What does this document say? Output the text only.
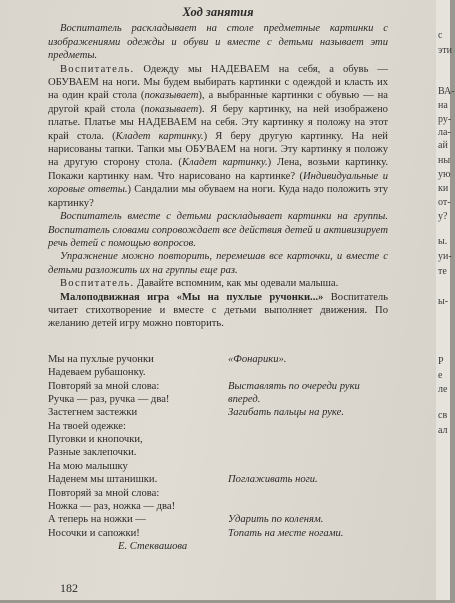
Ход занятия

Воспитатель раскладывает на столе предметные картинки с изображениями одежды и обуви и вместе с детьми называет эти предметы.

Воспитатель. Одежду мы НАДЕВАЕМ на себя, а обувь — ОБУВАЕМ на ноги. Мы будем выбирать картинки с одеждой и класть их на один край стола (показывает), а выбранные картинки с обувью — на другой край стола (показывает). Я беру картинку, на ней изображено платье. Платье мы НАДЕВАЕМ на себя. Эту картинку я положу на этот край стола. (Кладет картинку.) Я беру другую картинку. На ней нарисованы тапки. Тапки мы ОБУВАЕМ на ноги. Эту картинку я положу на другую сторону стола. (Кладет картинку.) Лена, возьми картинку. Покажи картинку нам. Что нарисовано на картинке? (Индивидуальные и хоровые ответы.) Сандалии мы обуваем на ноги. Куда надо положить эту картинку?

Воспитатель вместе с детьми раскладывает картинки на группы. Воспитатель словами сопровождает все действия детей и активизирует речь детей с помощью вопросов.

Упражнение можно повторить, перемешав все карточки, и вместе с детьми разложить их на группы еще раз.

Воспитатель. Давайте вспомним, как мы одевали малыша.

Малоподвижная игра «Мы на пухлые ручонки...» Воспитатель читает стихотворение и вместе с детьми выполняет движения. По желанию детей игру можно повторить.

Мы на пухлые ручонки
Надеваем рубашонку.
Повторяй за мной слова:
Ручка — раз, ручка — два!
Застегнем застежки
На твоей одежке:
Пуговки и кнопочки,
Разные заклепочки.
На мою малышку
Наденем мы штанишки.
Повторяй за мной слова:
Ножка — раз, ножка — два!
А теперь на ножки —
Носочки и сапожки!
Е. Стеквашова
«Фонарики».
Выставлять по очереди руки
вперед.
Загибать пальцы на руке.
Поглаживать ноги.
Ударить по коленям.
Топать на месте ногами.
182
с
эти
ВА-
на
ру-
ла-
ай
ны
ую
ки
от-
у?
ы.
уи-
те
ы-
Р
е
ле
св
ал
